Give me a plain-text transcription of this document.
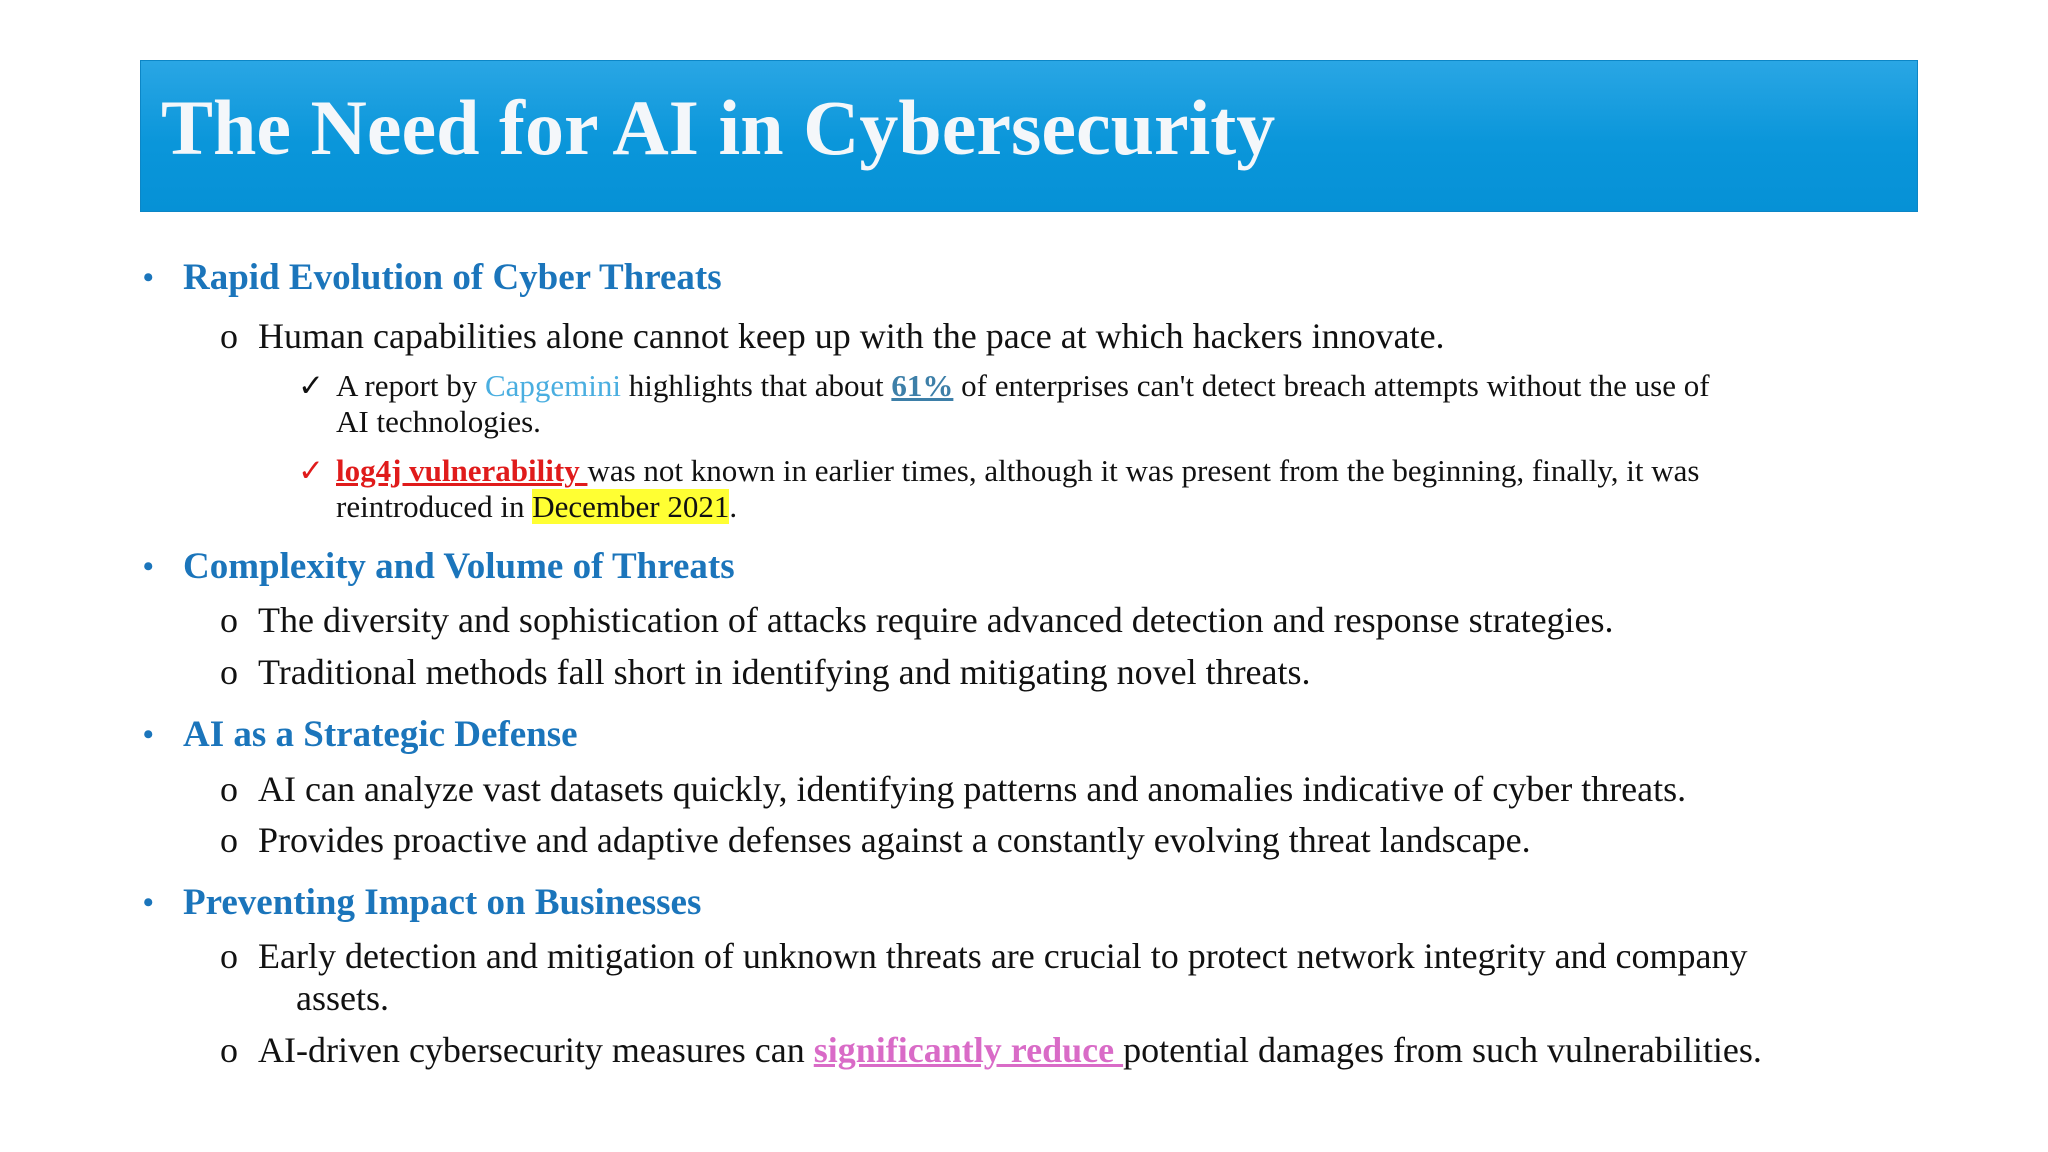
The Need for AI in Cybersecurity
• Rapid Evolution of Cyber Threats
o Human capabilities alone cannot keep up with the pace at which hackers innovate.
✓ A report by Capgemini highlights that about 61% of enterprises can't detect breach attempts without the use of
AI technologies.
✓ log4j vulnerability was not known in earlier times, although it was present from the beginning, finally, it was
reintroduced in December 2021.
• Complexity and Volume of Threats
o The diversity and sophistication of attacks require advanced detection and response strategies.
o Traditional methods fall short in identifying and mitigating novel threats.
• AI as a Strategic Defense
o AI can analyze vast datasets quickly, identifying patterns and anomalies indicative of cyber threats.
o Provides proactive and adaptive defenses against a constantly evolving threat landscape.
• Preventing Impact on Businesses
o Early detection and mitigation of unknown threats are crucial to protect network integrity and company
assets.
o AI-driven cybersecurity measures can significantly reduce potential damages from such vulnerabilities.
